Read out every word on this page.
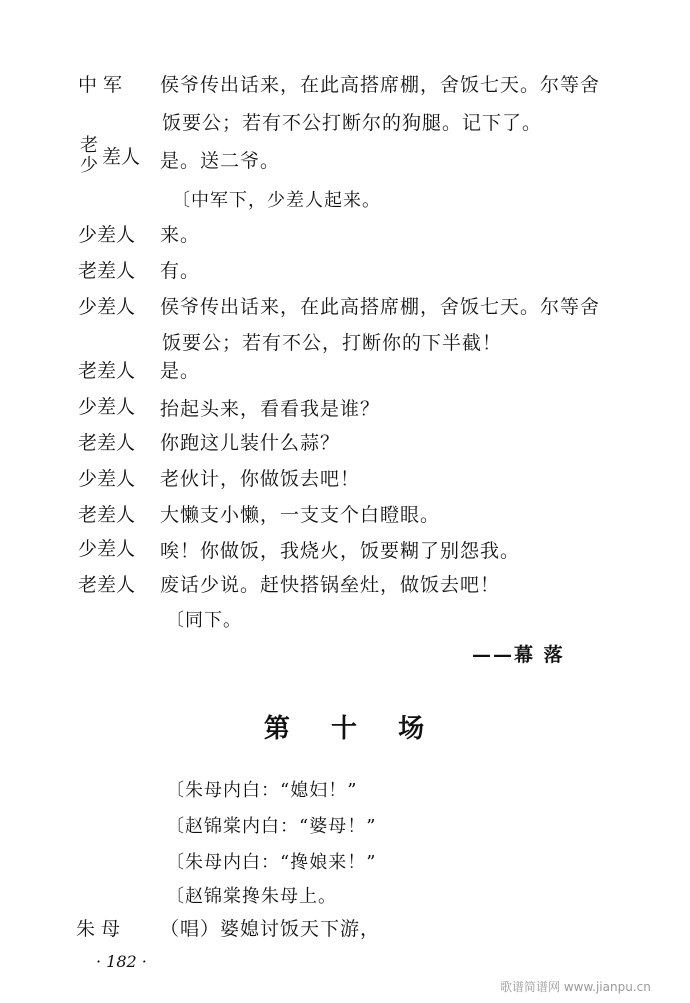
中 军	侯爷传出话来，在此高搭席棚，舍饭七天。尔等舍
饭要公；若有不公打断尔的狗腿。记下了。
老
少 差人	是。送二爷。
〔中军下，少差人起来。
少差人	来。
老差人	有。
少差人	侯爷传出话来，在此高搭席棚，舍饭七天。尔等舍
饭要公；若有不公，打断你的下半截！
老差人	是。
少差人	抬起头来，看看我是谁？
老差人	你跑这儿装什么蒜？
少差人	老伙计，你做饭去吧！
老差人	大懒支小懒，一支支个白瞪眼。
少差人	唉！你做饭，我烧火，饭要糊了别怨我。
老差人	废话少说。赶快搭锅垒灶，做饭去吧！
〔同下。
——幕 落
第 十 场
〔朱母内白：“媳妇！”
〔赵锦棠内白：“婆母！”
〔朱母内白：“搀娘来！”
〔赵锦棠搀朱母上。
朱 母	（唱）婆媳讨饭天下游，
· 182 ·
歌谱简谱网 www.jianpu.cn
